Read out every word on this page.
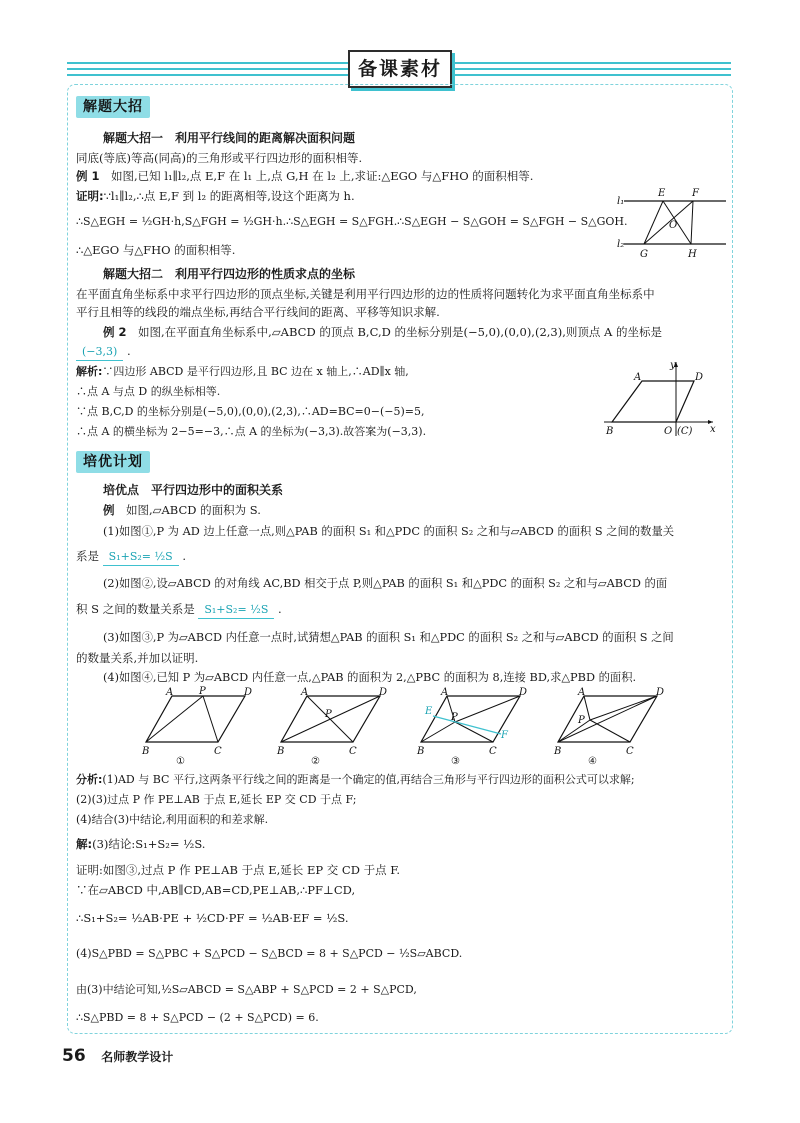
备课素材
解题大招
解题大招一　利用平行线间的距离解决面积问题
同底(等底)等高(同高)的三角形或平行四边形的面积相等.
例 1　 如图,已知 l₁∥l₂,点 E,F 在 l₁ 上,点 G,H 在 l₂ 上,求证:△EGO 与△FHO 的面积相等.
证明:∵l₁∥l₂,∴点 E,F 到 l₂ 的距离相等,设这个距离为 h.
∴S△EGH = ½GH·h,S△FGH = ½GH·h.∴S△EGH = S△FGH.∴S△EGH − S△GOH = S△FGH − S△GOH.
∴△EGO 与△FHO 的面积相等.
l₁
l₂
E	F
O
G	H
解题大招二　利用平行四边形的性质求点的坐标
在平面直角坐标系中求平行四边形的顶点坐标,关键是利用平行四边形的边的性质将问题转化为求平面直角坐标系中
平行且相等的线段的端点坐标,再结合平行线间的距离、平移等知识求解.
例 2　 如图,在平面直角坐标系中,▱ABCD 的顶点 B,C,D 的坐标分别是(−5,0),(0,0),(2,3),则顶点 A 的坐标是
(−3,3) .
解析:∵四边形 ABCD 是平行四边形,且 BC 边在 x 轴上,∴AD∥x 轴,
∴点 A 与点 D 的纵坐标相等.
∵点 B,C,D 的坐标分别是(−5,0),(0,0),(2,3),∴AD=BC=0−(−5)=5,
∴点 A 的横坐标为 2−5=−3,∴点 A 的坐标为(−3,3).故答案为(−3,3).
y
x
A	D
B	O (C)
培优计划
培优点　平行四边形中的面积关系
例　 如图,▱ABCD 的面积为 S.
(1)如图①,P 为 AD 边上任意一点,则△PAB 的面积 S₁ 和△PDC 的面积 S₂ 之和与▱ABCD 的面积 S 之间的数量关
系是 S₁+S₂= ½S .
(2)如图②,设▱ABCD 的对角线 AC,BD 相交于点 P,则△PAB 的面积 S₁ 和△PDC 的面积 S₂ 之和与▱ABCD 的面
积 S 之间的数量关系是 S₁+S₂= ½S .
(3)如图③,P 为▱ABCD 内任意一点时,试猜想△PAB 的面积 S₁ 和△PDC 的面积 S₂ 之和与▱ABCD 的面积 S 之间
的数量关系,并加以证明.
(4)如图④,已知 P 为▱ABCD 内任意一点,△PAB 的面积为 2,△PBC 的面积为 8,连接 BD,求△PBD 的面积.
A	P	D
B	C
①
A	D
P
B	C
②
E
F
A	D
P
B	C
③
A	D
P
B	C
④
分析:(1)AD 与 BC 平行,这两条平行线之间的距离是一个确定的值,再结合三角形与平行四边形的面积公式可以求解;
(2)(3)过点 P 作 PE⊥AB 于点 E,延长 EP 交 CD 于点 F;
(4)结合(3)中结论,利用面积的和差求解.
解:(3)结论:S₁+S₂= ½S.
证明:如图③,过点 P 作 PE⊥AB 于点 E,延长 EP 交 CD 于点 F.
∵在▱ABCD 中,AB∥CD,AB=CD,PE⊥AB,∴PF⊥CD,
∴S₁+S₂= ½AB·PE + ½CD·PF = ½AB·EF = ½S.
(4)S△PBD = S△PBC + S△PCD − S△BCD = 8 + S△PCD − ½S▱ABCD.
由(3)中结论可知,½S▱ABCD = S△ABP + S△PCD = 2 + S△PCD,
∴S△PBD = 8 + S△PCD − (2 + S△PCD) = 6.
56 名师教学设计
